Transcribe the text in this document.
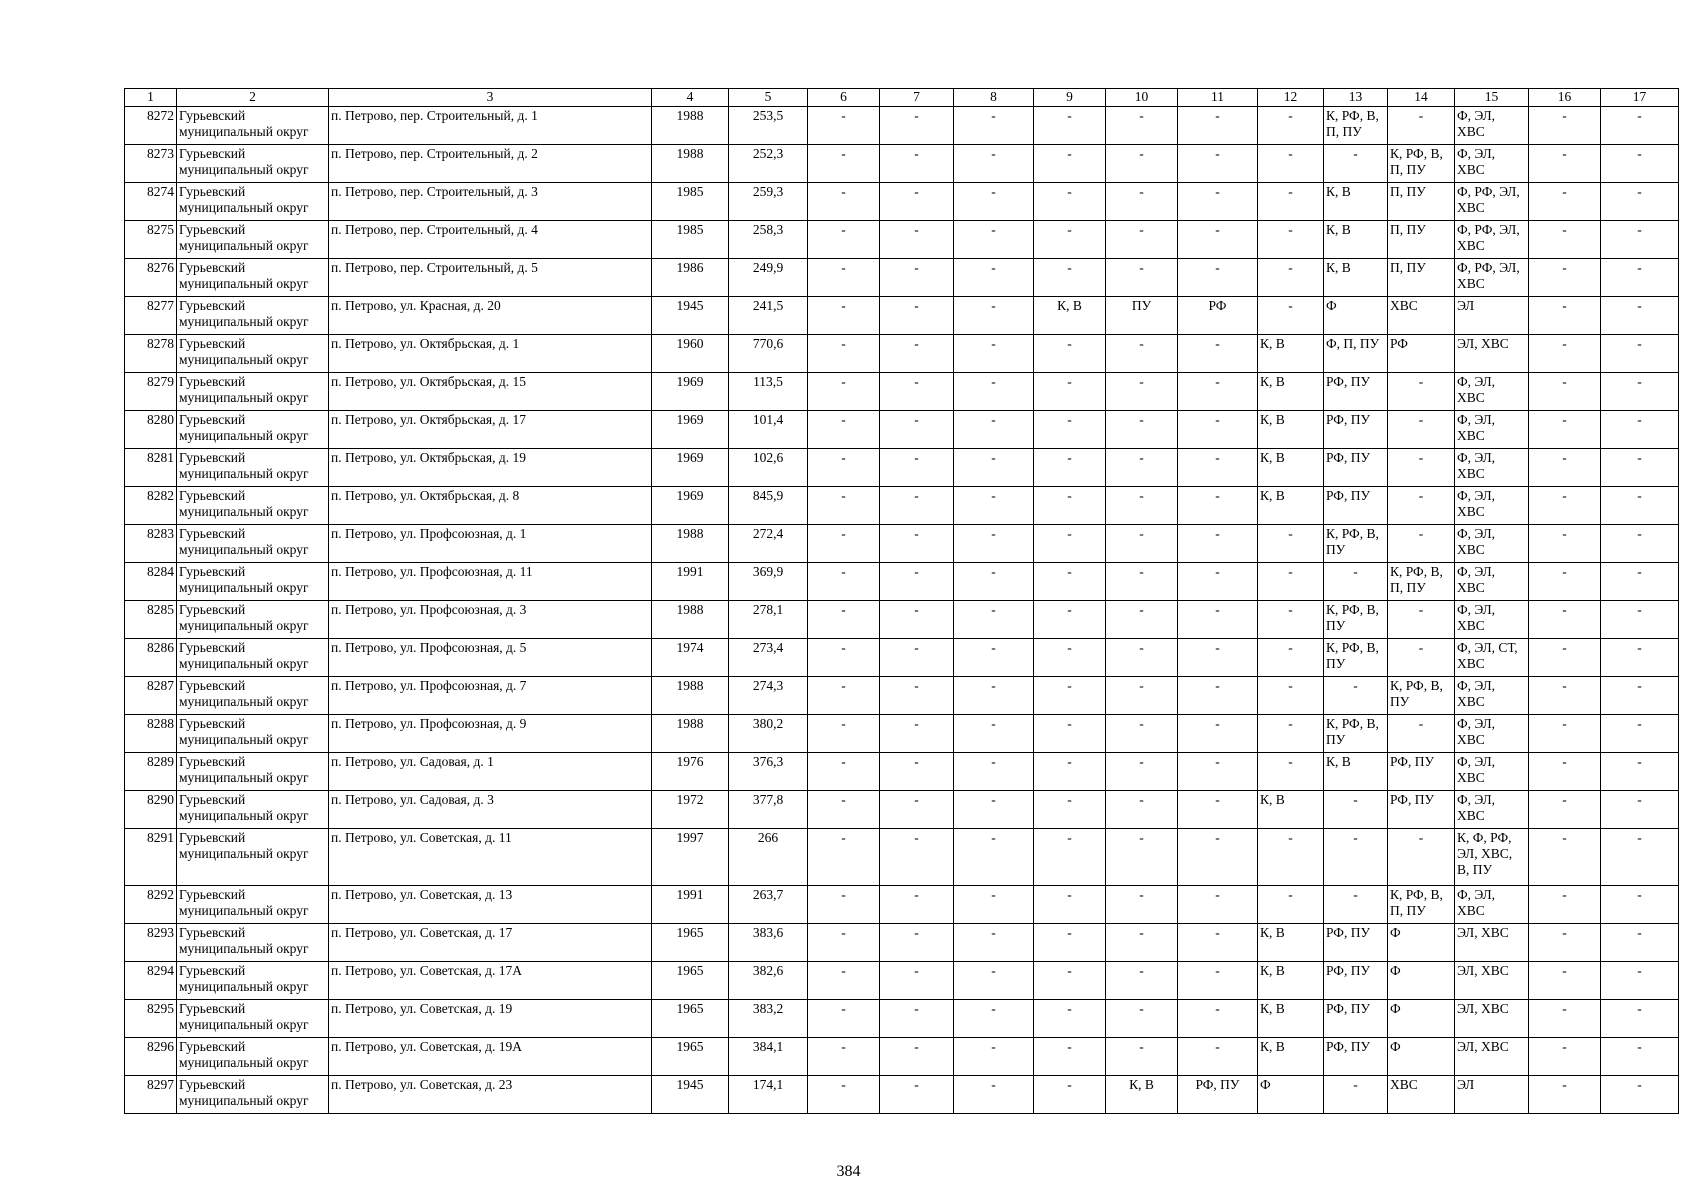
1	2	3	4	5	6	7	8	9	10	11	12	13	14	15	16	17
8272	Гурьевский муниципальный округ	п. Петрово, пер. Строительный, д. 1	1988	253,5	-	-	-	-	-	-	-	К, РФ, В, П, ПУ	-	Ф, ЭЛ, ХВС	-	-
8273	Гурьевский муниципальный округ	п. Петрово, пер. Строительный, д. 2	1988	252,3	-	-	-	-	-	-	-	-	К, РФ, В, П, ПУ	Ф, ЭЛ, ХВС	-	-
8274	Гурьевский муниципальный округ	п. Петрово, пер. Строительный, д. 3	1985	259,3	-	-	-	-	-	-	-	К, В	П, ПУ	Ф, РФ, ЭЛ, ХВС	-	-
8275	Гурьевский муниципальный округ	п. Петрово, пер. Строительный, д. 4	1985	258,3	-	-	-	-	-	-	-	К, В	П, ПУ	Ф, РФ, ЭЛ, ХВС	-	-
8276	Гурьевский муниципальный округ	п. Петрово, пер. Строительный, д. 5	1986	249,9	-	-	-	-	-	-	-	К, В	П, ПУ	Ф, РФ, ЭЛ, ХВС	-	-
8277	Гурьевский муниципальный округ	п. Петрово, ул. Красная, д. 20	1945	241,5	-	-	-	К, В	ПУ	РФ	-	Ф	ХВС	ЭЛ	-	-
8278	Гурьевский муниципальный округ	п. Петрово, ул. Октябрьская, д. 1	1960	770,6	-	-	-	-	-	-	К, В	Ф, П, ПУ	РФ	ЭЛ, ХВС	-	-
8279	Гурьевский муниципальный округ	п. Петрово, ул. Октябрьская, д. 15	1969	113,5	-	-	-	-	-	-	К, В	РФ, ПУ	-	Ф, ЭЛ, ХВС	-	-
8280	Гурьевский муниципальный округ	п. Петрово, ул. Октябрьская, д. 17	1969	101,4	-	-	-	-	-	-	К, В	РФ, ПУ	-	Ф, ЭЛ, ХВС	-	-
8281	Гурьевский муниципальный округ	п. Петрово, ул. Октябрьская, д. 19	1969	102,6	-	-	-	-	-	-	К, В	РФ, ПУ	-	Ф, ЭЛ, ХВС	-	-
8282	Гурьевский муниципальный округ	п. Петрово, ул. Октябрьская, д. 8	1969	845,9	-	-	-	-	-	-	К, В	РФ, ПУ	-	Ф, ЭЛ, ХВС	-	-
8283	Гурьевский муниципальный округ	п. Петрово, ул. Профсоюзная, д. 1	1988	272,4	-	-	-	-	-	-	-	К, РФ, В, ПУ	-	Ф, ЭЛ, ХВС	-	-
8284	Гурьевский муниципальный округ	п. Петрово, ул. Профсоюзная, д. 11	1991	369,9	-	-	-	-	-	-	-	-	К, РФ, В, П, ПУ	Ф, ЭЛ, ХВС	-	-
8285	Гурьевский муниципальный округ	п. Петрово, ул. Профсоюзная, д. 3	1988	278,1	-	-	-	-	-	-	-	К, РФ, В, ПУ	-	Ф, ЭЛ, ХВС	-	-
8286	Гурьевский муниципальный округ	п. Петрово, ул. Профсоюзная, д. 5	1974	273,4	-	-	-	-	-	-	-	К, РФ, В, ПУ	-	Ф, ЭЛ, СТ, ХВС	-	-
8287	Гурьевский муниципальный округ	п. Петрово, ул. Профсоюзная, д. 7	1988	274,3	-	-	-	-	-	-	-	-	К, РФ, В, ПУ	Ф, ЭЛ, ХВС	-	-
8288	Гурьевский муниципальный округ	п. Петрово, ул. Профсоюзная, д. 9	1988	380,2	-	-	-	-	-	-	-	К, РФ, В, ПУ	-	Ф, ЭЛ, ХВС	-	-
8289	Гурьевский муниципальный округ	п. Петрово, ул. Садовая, д. 1	1976	376,3	-	-	-	-	-	-	-	К, В	РФ, ПУ	Ф, ЭЛ, ХВС	-	-
8290	Гурьевский муниципальный округ	п. Петрово, ул. Садовая, д. 3	1972	377,8	-	-	-	-	-	-	К, В	-	РФ, ПУ	Ф, ЭЛ, ХВС	-	-
8291	Гурьевский муниципальный округ	п. Петрово, ул. Советская, д. 11	1997	266	-	-	-	-	-	-	-	-	-	К, Ф, РФ, ЭЛ, ХВС, В, ПУ	-	-
8292	Гурьевский муниципальный округ	п. Петрово, ул. Советская, д. 13	1991	263,7	-	-	-	-	-	-	-	-	К, РФ, В, П, ПУ	Ф, ЭЛ, ХВС	-	-
8293	Гурьевский муниципальный округ	п. Петрово, ул. Советская, д. 17	1965	383,6	-	-	-	-	-	-	К, В	РФ, ПУ	Ф	ЭЛ, ХВС	-	-
8294	Гурьевский муниципальный округ	п. Петрово, ул. Советская, д. 17А	1965	382,6	-	-	-	-	-	-	К, В	РФ, ПУ	Ф	ЭЛ, ХВС	-	-
8295	Гурьевский муниципальный округ	п. Петрово, ул. Советская, д. 19	1965	383,2	-	-	-	-	-	-	К, В	РФ, ПУ	Ф	ЭЛ, ХВС	-	-
8296	Гурьевский муниципальный округ	п. Петрово, ул. Советская, д. 19А	1965	384,1	-	-	-	-	-	-	К, В	РФ, ПУ	Ф	ЭЛ, ХВС	-	-
8297	Гурьевский муниципальный округ	п. Петрово, ул. Советская, д. 23	1945	174,1	-	-	-	-	К, В	РФ, ПУ	Ф	-	ХВС	ЭЛ	-	-
384
